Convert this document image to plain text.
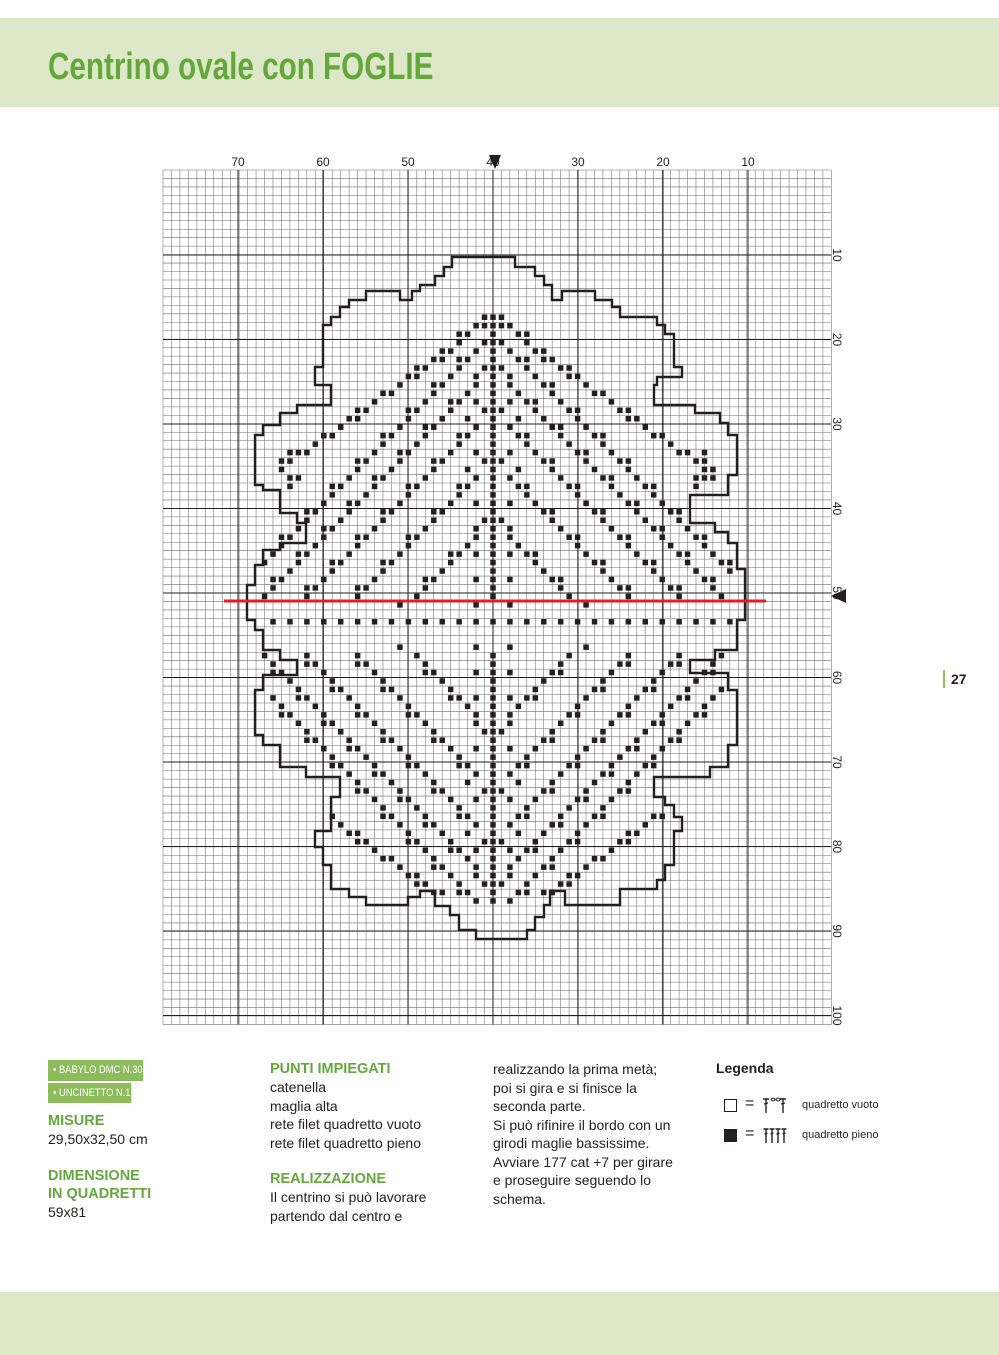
Centrino ovale con FOGLIE
70	60	50	40	30	20	10
10
20
30
40
50
60
70
80
90
100
27
• BABYLO DMC N.30
• UNCINETTO N.1

MISURE

29,50x32,50 cm

DIMENSIONE

IN QUADRETTI

59x81

PUNTI IMPIEGATI

catenella

maglia alta

rete filet quadretto vuoto

rete filet quadretto pieno

REALIZZAZIONE

Il centrino si può lavorare

partendo dal centro e

realizzando la prima metà;

poi si gira e si finisce la

seconda parte.

Si può rifinire il bordo con un

girodi maglie bassissime.

Avviare 177 cat +7 per girare

e proseguire seguendo lo

schema.

Legenda
=	quadretto vuoto
=	quadretto pieno
